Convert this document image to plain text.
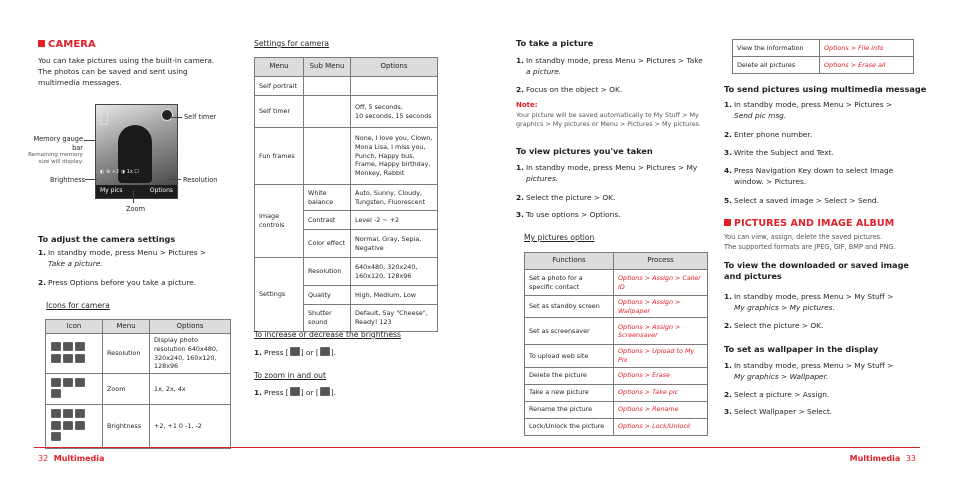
CAMERA
You can take pictures using the built-in camera.
The photos can be saved and sent using
multimedia messages.
◐ ⊕ +2 ◑ 1x ☐
My pics	Options
Self timer
Memory gauge bar
Remaining memory
size will display.
Brightness	Resolution
Zoom
To adjust the camera settings
1. In standby mode, press Menu > Pictures >
Take a picture.
2. Press Options before you take a picture.
Icons for camera
Icon	Menu	Options

	Resolution	Display photo resolution 640x480, 320x240, 160x120, 128x96

	Zoom	1x, 2x, 4x

	Brightness	+2, +1 0 -1, -2
Settings for camera
Menu	Sub Menu	Options
Self portrait		
Self timer		Off, 5 seconds,
10 seconds, 15 seconds
Fun frames		None, I love you, Clown,
Mona Lisa, I miss you,
Punch, Happy bus,
Frame, Happy birthday,
Monkey, Rabbit
Image
controls	White
balance	Auto, Sunny, Cloudy,
Tungsten, Fluorescent
	Contrast	Level -2 ~ +2
	Color effect	Normal, Gray, Sepia,
Negative
Settings	Resolution	640x480, 320x240,
160x120, 128x96
	Quality	High, Medium, Low
	Shutter
sound	Default, Say "Cheese",
Ready! 123
To increase or decrease the brightness
1. Press [ ] or [ ].
To zoom in and out
1. Press [ ] or [ ].
To take a picture
1. In standby mode, press Menu > Pictures > Take
a picture.
2. Focus on the object > OK.
Note:
Your picture will be saved automatically to My Stuff > My
graphics > My pictures or Menu > Pictures > My pictures.
To view pictures you've taken
1. In standby mode, press Menu > Pictures > My
pictures.
2. Select the picture > OK.
3. To use options > Options.
My pictures option
Functions	Process
Set a photo for a
specific contact	Options > Assign > Caller ID
Set as standby screen	Options > Assign > Wallpaper
Set as screensaver	Options > Assign >
Screensaver
To upload web site	Options > Upload to My Pix
Delete the picture	Options > Erase
Take a new picture	Options > Take pic
Rename the picture	Options > Rename
Lock/Unlock the picture	Options > Lock/Unlock
View the information	Options > File info
Delete all pictures	Options > Erase all
To send pictures using multimedia message
1. In standby mode, press Menu > Pictures >
Send pic msg.
2. Enter phone number.
3. Write the Subject and Text.
4. Press Navigation Key down to select Image
window. > Pictures.
5. Select a saved image > Select > Send.
PICTURES AND IMAGE ALBUM
You can view, assign, delete the saved pictures.
The supported formats are JPEG, GIF, BMP and PNG.
To view the downloaded or saved image
and pictures
1. In standby mode, press Menu > My Stuff >
My graphics > My pictures.
2. Select the picture > OK.
To set as wallpaper in the display
1. In standby mode, press Menu > My Stuff >
My graphics > Wallpaper.
2. Select a picture > Assign.
3. Select Wallpaper > Select.
32 Multimedia	Multimedia 33
